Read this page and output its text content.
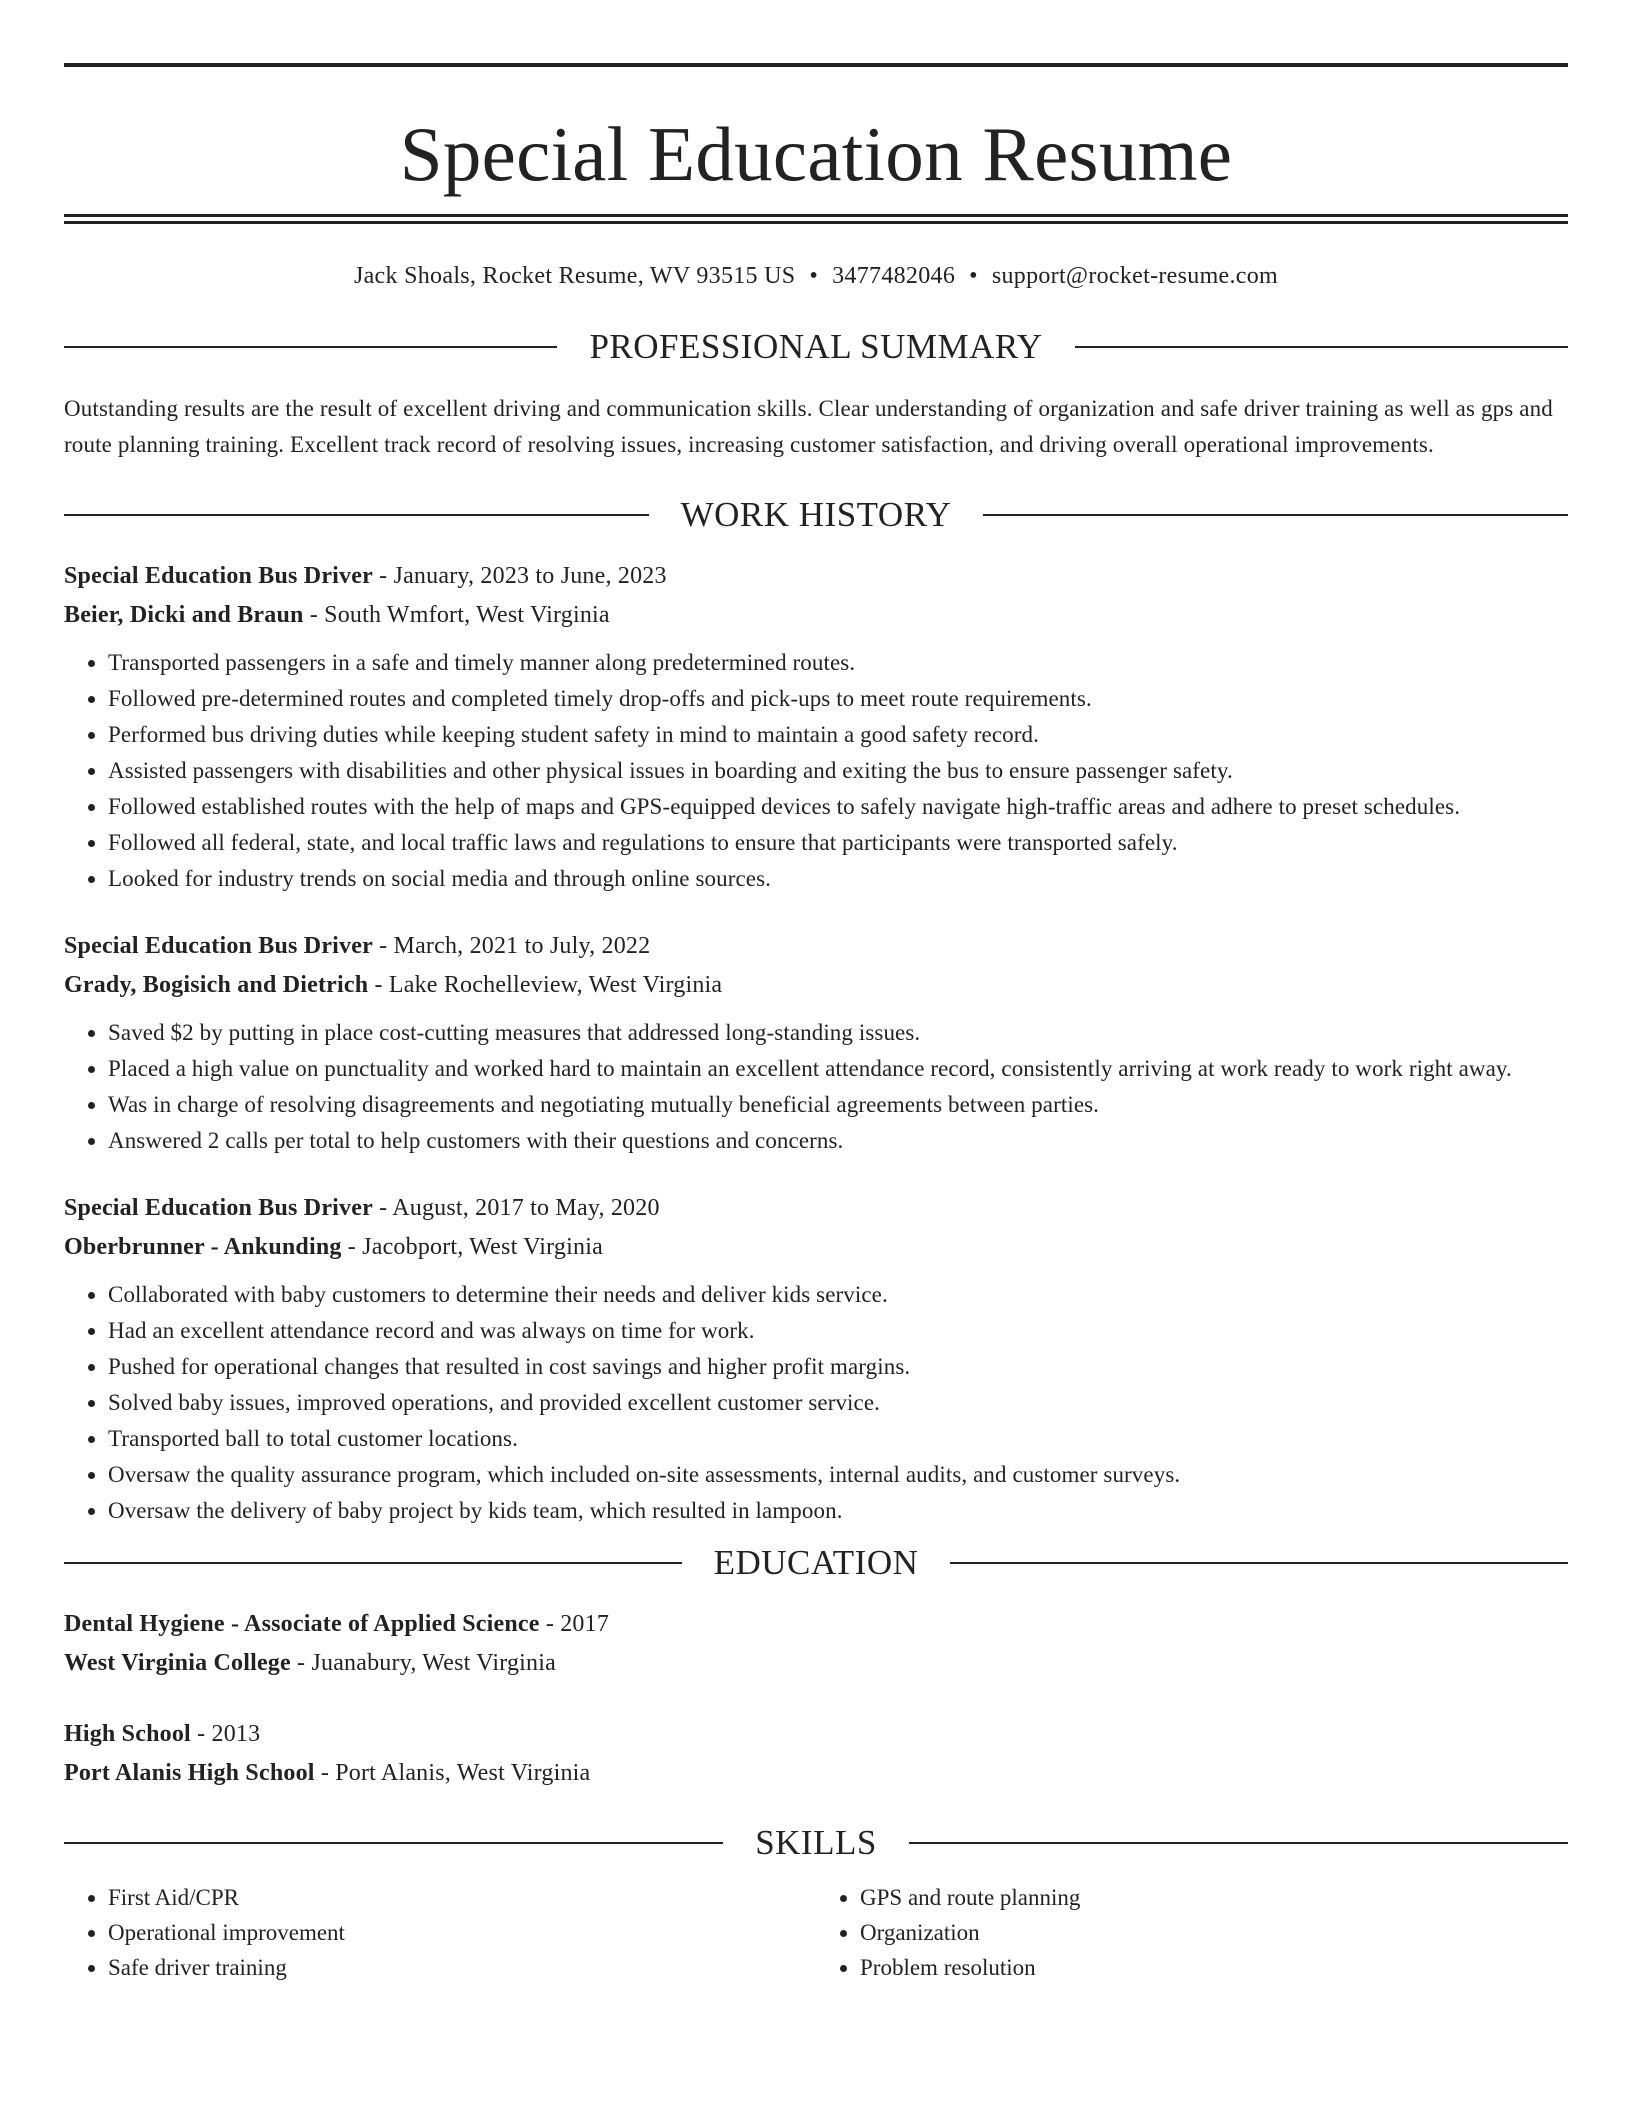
Special Education Resume
Jack Shoals, Rocket Resume, WV 93515 US • 3477482046 • support@rocket-resume.com
PROFESSIONAL SUMMARY

Outstanding results are the result of excellent driving and communication skills. Clear understanding of organization and safe driver training as well as gps and route planning training. Excellent track record of resolving issues, increasing customer satisfaction, and driving overall operational improvements.

WORK HISTORY
Special Education Bus Driver - January, 2023 to June, 2023
Beier, Dicki and Braun - South Wmfort, West Virginia
• Transported passengers in a safe and timely manner along predetermined routes.
• Followed pre-determined routes and completed timely drop-offs and pick-ups to meet route requirements.
• Performed bus driving duties while keeping student safety in mind to maintain a good safety record.
• Assisted passengers with disabilities and other physical issues in boarding and exiting the bus to ensure passenger safety.
• Followed established routes with the help of maps and GPS-equipped devices to safely navigate high-traffic areas and adhere to preset schedules.
• Followed all federal, state, and local traffic laws and regulations to ensure that participants were transported safely.
• Looked for industry trends on social media and through online sources.
Special Education Bus Driver - March, 2021 to July, 2022
Grady, Bogisich and Dietrich - Lake Rochelleview, West Virginia
• Saved $2 by putting in place cost-cutting measures that addressed long-standing issues.
• Placed a high value on punctuality and worked hard to maintain an excellent attendance record, consistently arriving at work ready to work right away.
• Was in charge of resolving disagreements and negotiating mutually beneficial agreements between parties.
• Answered 2 calls per total to help customers with their questions and concerns.
Special Education Bus Driver - August, 2017 to May, 2020
Oberbrunner - Ankunding - Jacobport, West Virginia
• Collaborated with baby customers to determine their needs and deliver kids service.
• Had an excellent attendance record and was always on time for work.
• Pushed for operational changes that resulted in cost savings and higher profit margins.
• Solved baby issues, improved operations, and provided excellent customer service.
• Transported ball to total customer locations.
• Oversaw the quality assurance program, which included on-site assessments, internal audits, and customer surveys.
• Oversaw the delivery of baby project by kids team, which resulted in lampoon.
EDUCATION
Dental Hygiene - Associate of Applied Science - 2017
West Virginia College - Juanabury, West Virginia
High School - 2013
Port Alanis High School - Port Alanis, West Virginia
SKILLS
• First Aid/CPR
• Operational improvement
• Safe driver training
• GPS and route planning
• Organization
• Problem resolution
